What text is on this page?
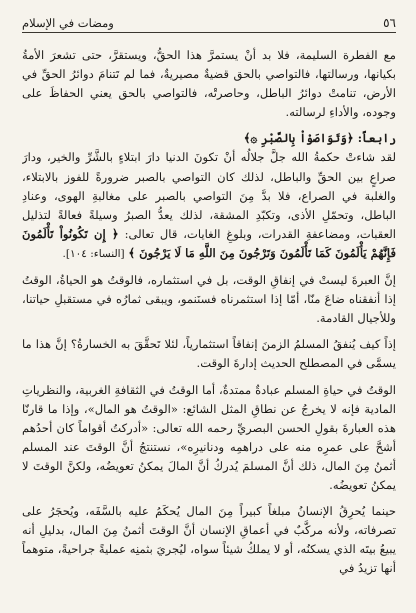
٥٦
ومضات في الإسلام

مع الفطرة السليمة، فلا بد أنْ يستمرَّ هذا الحقُّ، ويستقرَّ، حتى تشعرَ الأمةُ بكيانها، ورسالتها، فالتواصي بالحق قضيةٌ مصيريةٌ، فما لم تَتنامَ دوائرُ الحقِّ في الأرض، تنامتْ دوائرُ الباطل، وحاصرتْه، فالتواصي بالحق يعني الحفاظَ على وجوده، والأداءِ لرسالته.

رابعاً: ﴿وَتَوَاصَوْاْ بِالصَّبْرِ ۞﴾
لقد شاءتْ حكمةُ الله جلَّ جلالُه أنْ تكونَ الدنيا دارَ ابتلاءٍ بالشَّرِّ والخير، ودارَ صراعٍ بين الحقِّ والباطل، لذلك كان التواصي بالصبر ضرورةً للفوز بالابتلاء، والغلبة في الصراع، فلا بدَّ مِنَ التواصي بالصبر على مغالبةِ الهوى، وعنادِ الباطل، وتحمّلِ الأذى، وتكبّدِ المشقة، لذلك يعدُّ الصبرُ وسيلةً فعالةً لتذليل العقبات، ومضاعفةِ القدرات، وبلوغِ الغايات، قال تعالى: ﴿ إِن تَكُونُواْ تَأْلَمُونَ فَإِنَّهُمْ يَأْلَمُونَ كَمَا تَأْلَمُونَ وَتَرْجُونَ مِنَ اللَّهِ مَا لَا يَرْجُونَ ﴾ [النساء: ١٠٤].

إنَّ العبرةَ ليستْ في إنفاقِ الوقت، بل في استثماره، فالوقتُ هو الحياةُ، الوقتُ إذا أنفقناه ضاعَ منّا، أمّا إذا استثمرناه فسنَنمو، ويبقى ثمارُه في مستقبلِ حياتنا، وللأجيال القادمة.

إذاً كيف يُنفقُ المسلمُ الزمنَ إنفاقاً استثمارياً، لئلا تَحقَّقَ به الخسارةُ؟ إنَّ هذا ما يسمَّى في المصطلح الحديث إدارةَ الوقت.

الوقتُ في حياةِ المسلم عبادةٌ ممتدةٌ، أما الوقتُ في الثقافةِ الغربية، والنظرياتِ المادية فإنه لا يخرجُ عن نطاقِ المثل الشائع: «الوقتُ هو المال»، وإذا ما قارنّا هذه العبارةَ بقولِ الحسن البصريِّ رحمه الله تعالى: «أدركتُ أقواماً كان أحدُهم أشحَّ على عمرِه منه على دراهمِه ودنانيرِه»، نستنتجُ أنَّ الوقتَ عند المسلم أثمنُ مِنَ المال، ذلك أنَّ المسلمَ يُدركُ أنَّ المالَ يمكنُ تعويضُه، ولكنَّ الوقتَ لا يمكنُ تعويضُه.

حينما يُحرِقُ الإنسانُ مبلغاً كبيراً مِنَ المال يُحكَمُ عليه بالسَّفَه، ويُحجَرُ على تصرفاته، ولأنه مركَّبٌ في أعماقِ الإنسان أنَّ الوقتَ أثمنُ مِنَ المال، بدليلِ أنه يبيعُ بيتَه الذي يسكنُه، أو لا يملكُ شيئاً سواه، ليُجريَ بثمنِه عمليةً جراحيةً، متوهماً أنها تزيدُ في
